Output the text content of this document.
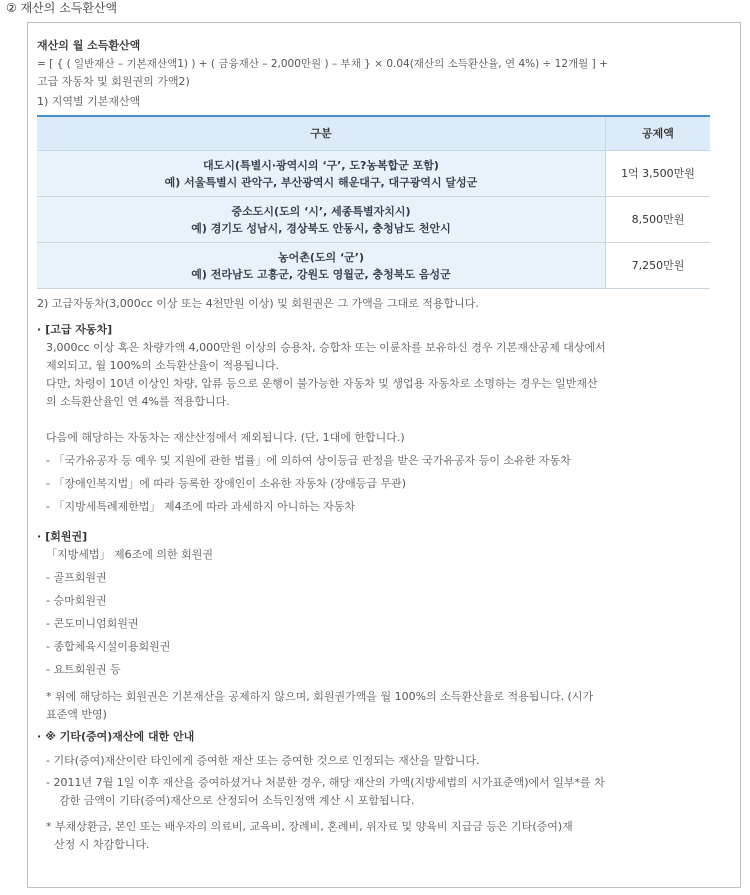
② 재산의 소득환산액
재산의 월 소득환산액
= [ { ( 일반재산 – 기본재산액1) ) + ( 금융재산 – 2,000만원 ) – 부채 } × 0.04(재산의 소득환산율, 연 4%) ÷ 12개월 ] +
고급 자동차 및 회원권의 가액2)
1) 지역별 기본재산액
구분	공제액

대도시(특별시·광역시의 ‘구’, 도?농복합군 포함)
예) 서울특별시 관악구, 부산광역시 해운대구, 대구광역시 달성군	1억 3,500만원

중소도시(도의 ‘시’, 세종특별자치시)
예) 경기도 성남시, 경상북도 안동시, 충청남도 천안시	8,500만원

농어촌(도의 ‘군’)
예) 전라남도 고흥군, 강원도 영월군, 충청북도 음성군	7,250만원
2) 고급자동차(3,000cc 이상 또는 4천만원 이상) 및 회원권은 그 가액을 그대로 적용합니다.
· [고급 자동차]
3,000cc 이상 혹은 차량가액 4,000만원 이상의 승용차, 승합차 또는 이륜차를 보유하신 경우 기본재산공제 대상에서
제외되고, 월 100%의 소득환산율이 적용됩니다.
다만, 차령이 10년 이상인 차량, 압류 등으로 운행이 불가능한 자동차 및 생업용 자동차로 소명하는 경우는 일반재산
의 소득환산율인 연 4%를 적용합니다.
다음에 해당하는 자동차는 재산산정에서 제외됩니다. (단, 1대에 한합니다.)
- 「국가유공자 등 예우 및 지원에 관한 법률」에 의하여 상이등급 판정을 받은 국가유공자 등이 소유한 자동차
- 「장애인복지법」에 따라 등록한 장애인이 소유한 자동차 (장애등급 무관)
- 「지방세특례제한법」 제4조에 따라 과세하지 아니하는 자동차
· [회원권]
「지방세법」 제6조에 의한 회원권
- 골프회원권
- 승마회원권
- 콘도미니엄회원권
- 종합체육시설이용회원권
- 요트회원권 등
* 위에 해당하는 회원권은 기본재산을 공제하지 않으며, 회원권가액을 월 100%의 소득환산율로 적용됩니다. (시가
표준액 반영)
· ※ 기타(증여)재산에 대한 안내
- 기타(증여)재산이란 타인에게 증여한 재산 또는 증여한 것으로 인정되는 재산을 말합니다.
- 2011년 7월 1일 이후 재산을 증여하셨거나 처분한 경우, 해당 재산의 가액(지방세법의 시가표준액)에서 일부*를 차
감한 금액이 기타(증여)재산으로 산정되어 소득인정액 계산 시 포함됩니다.
* 부채상환금, 본인 또는 배우자의 의료비, 교육비, 장례비, 혼례비, 위자료 및 양육비 지급금 등은 기타(증여)재
산정 시 차감합니다.
